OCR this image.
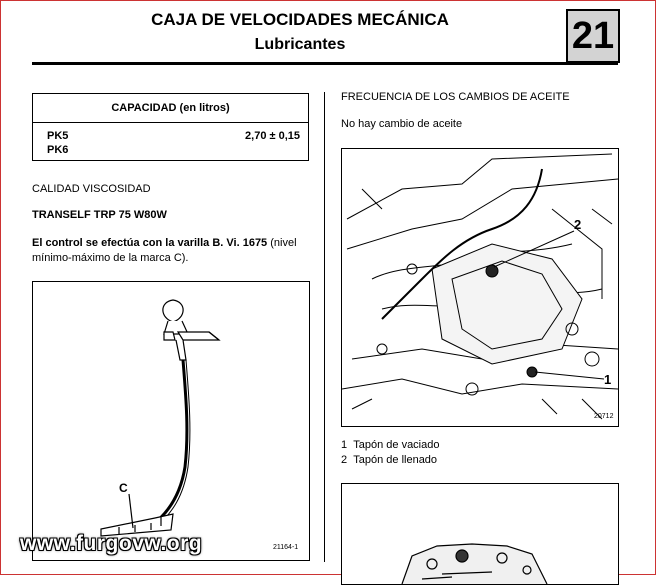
CAJA DE VELOCIDADES MECÁNICA
Lubricantes	21
CAPACIDAD (en litros)
PK5
PK6
2,70 ± 0,15
CALIDAD VISCOSIDAD
TRANSELF TRP 75 W80W
El control se efectúa con la varilla B. Vi. 1675 (nivel
mínimo-máximo de la marca C).
C
21164-1
FRECUENCIA DE LOS CAMBIOS DE ACEITE
No hay cambio de aceite
2
1
20712
1 Tapón de vaciado
2 Tapón de llenado
www.furgovw.org
